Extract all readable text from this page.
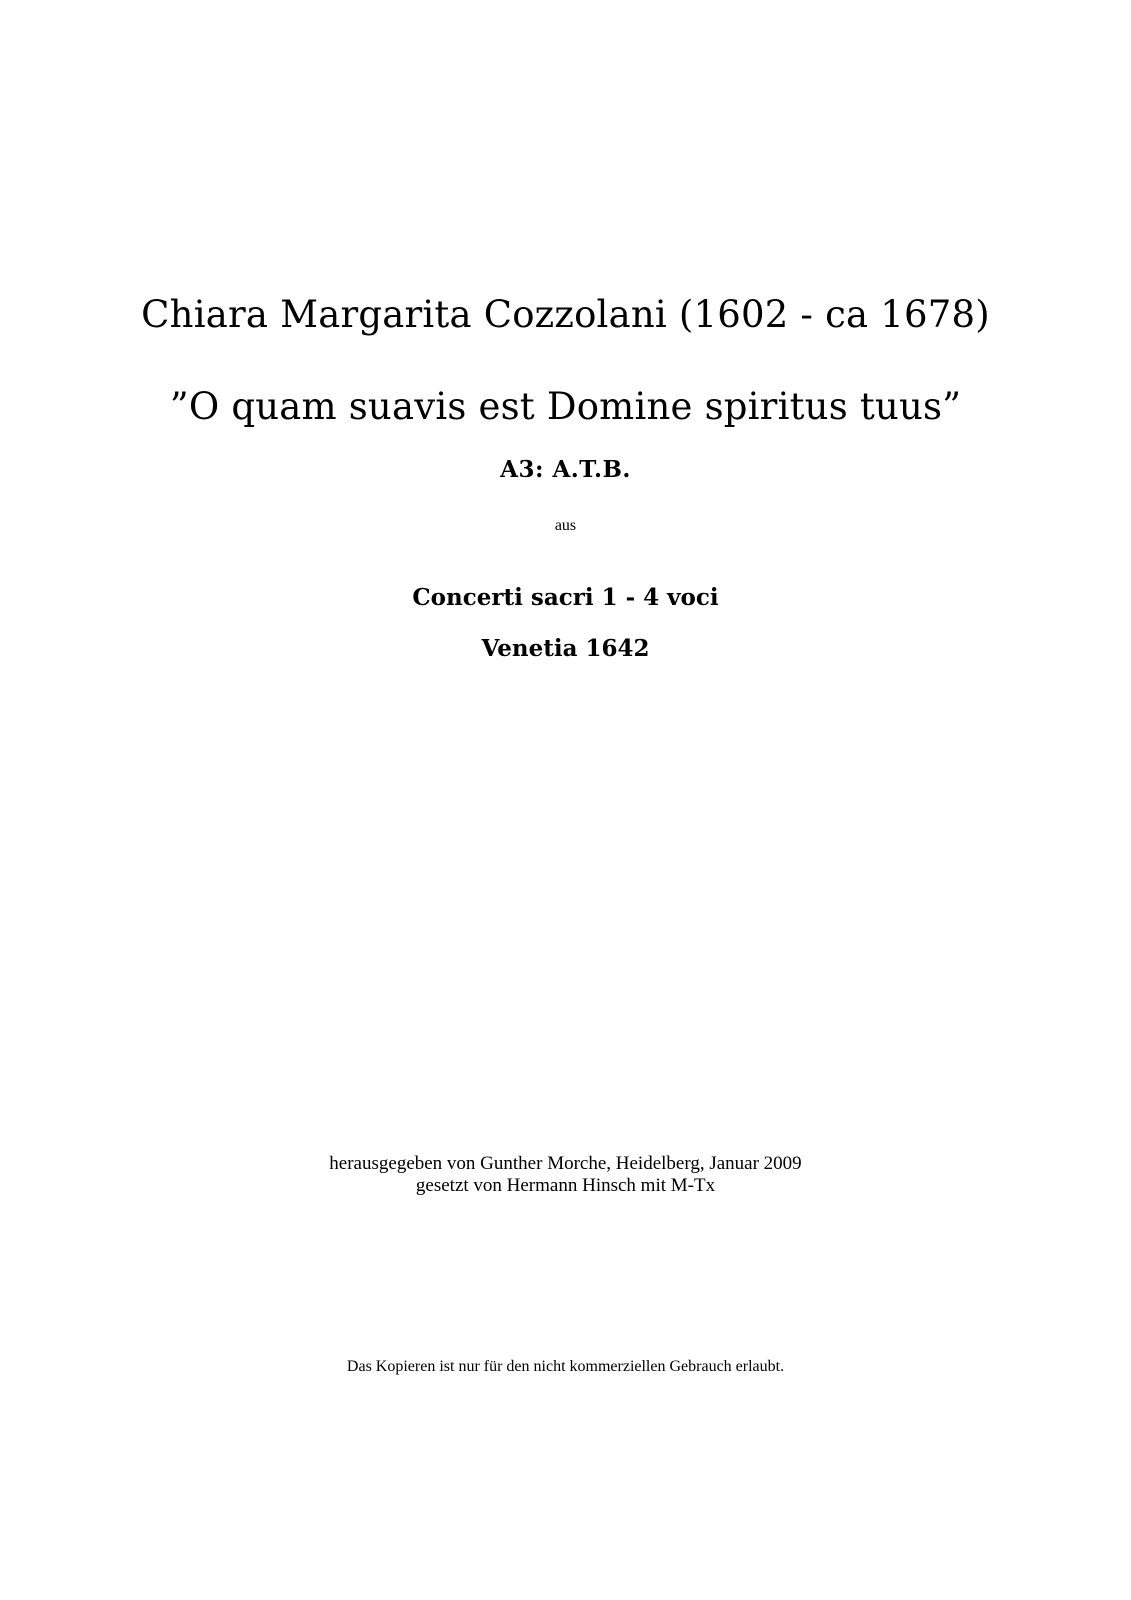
Chiara Margarita Cozzolani (1602 - ca 1678)
”O quam suavis est Domine spiritus tuus”
A3: A.T.B.
aus
Concerti sacri 1 - 4 voci
Venetia 1642
herausgegeben von Gunther Morche, Heidelberg, Januar 2009
gesetzt von Hermann Hinsch mit M-Tx
Das Kopieren ist nur für den nicht kommerziellen Gebrauch erlaubt.
